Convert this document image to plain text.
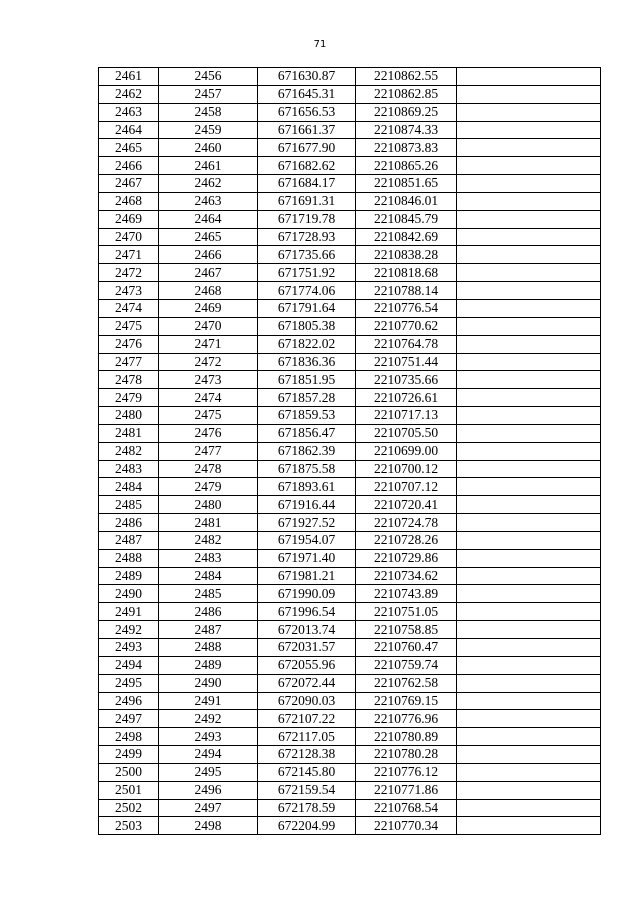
71
2461	2456	671630.87	2210862.55	
2462	2457	671645.31	2210862.85	
2463	2458	671656.53	2210869.25	
2464	2459	671661.37	2210874.33	
2465	2460	671677.90	2210873.83	
2466	2461	671682.62	2210865.26	
2467	2462	671684.17	2210851.65	
2468	2463	671691.31	2210846.01	
2469	2464	671719.78	2210845.79	
2470	2465	671728.93	2210842.69	
2471	2466	671735.66	2210838.28	
2472	2467	671751.92	2210818.68	
2473	2468	671774.06	2210788.14	
2474	2469	671791.64	2210776.54	
2475	2470	671805.38	2210770.62	
2476	2471	671822.02	2210764.78	
2477	2472	671836.36	2210751.44	
2478	2473	671851.95	2210735.66	
2479	2474	671857.28	2210726.61	
2480	2475	671859.53	2210717.13	
2481	2476	671856.47	2210705.50	
2482	2477	671862.39	2210699.00	
2483	2478	671875.58	2210700.12	
2484	2479	671893.61	2210707.12	
2485	2480	671916.44	2210720.41	
2486	2481	671927.52	2210724.78	
2487	2482	671954.07	2210728.26	
2488	2483	671971.40	2210729.86	
2489	2484	671981.21	2210734.62	
2490	2485	671990.09	2210743.89	
2491	2486	671996.54	2210751.05	
2492	2487	672013.74	2210758.85	
2493	2488	672031.57	2210760.47	
2494	2489	672055.96	2210759.74	
2495	2490	672072.44	2210762.58	
2496	2491	672090.03	2210769.15	
2497	2492	672107.22	2210776.96	
2498	2493	672117.05	2210780.89	
2499	2494	672128.38	2210780.28	
2500	2495	672145.80	2210776.12	
2501	2496	672159.54	2210771.86	
2502	2497	672178.59	2210768.54	
2503	2498	672204.99	2210770.34	
